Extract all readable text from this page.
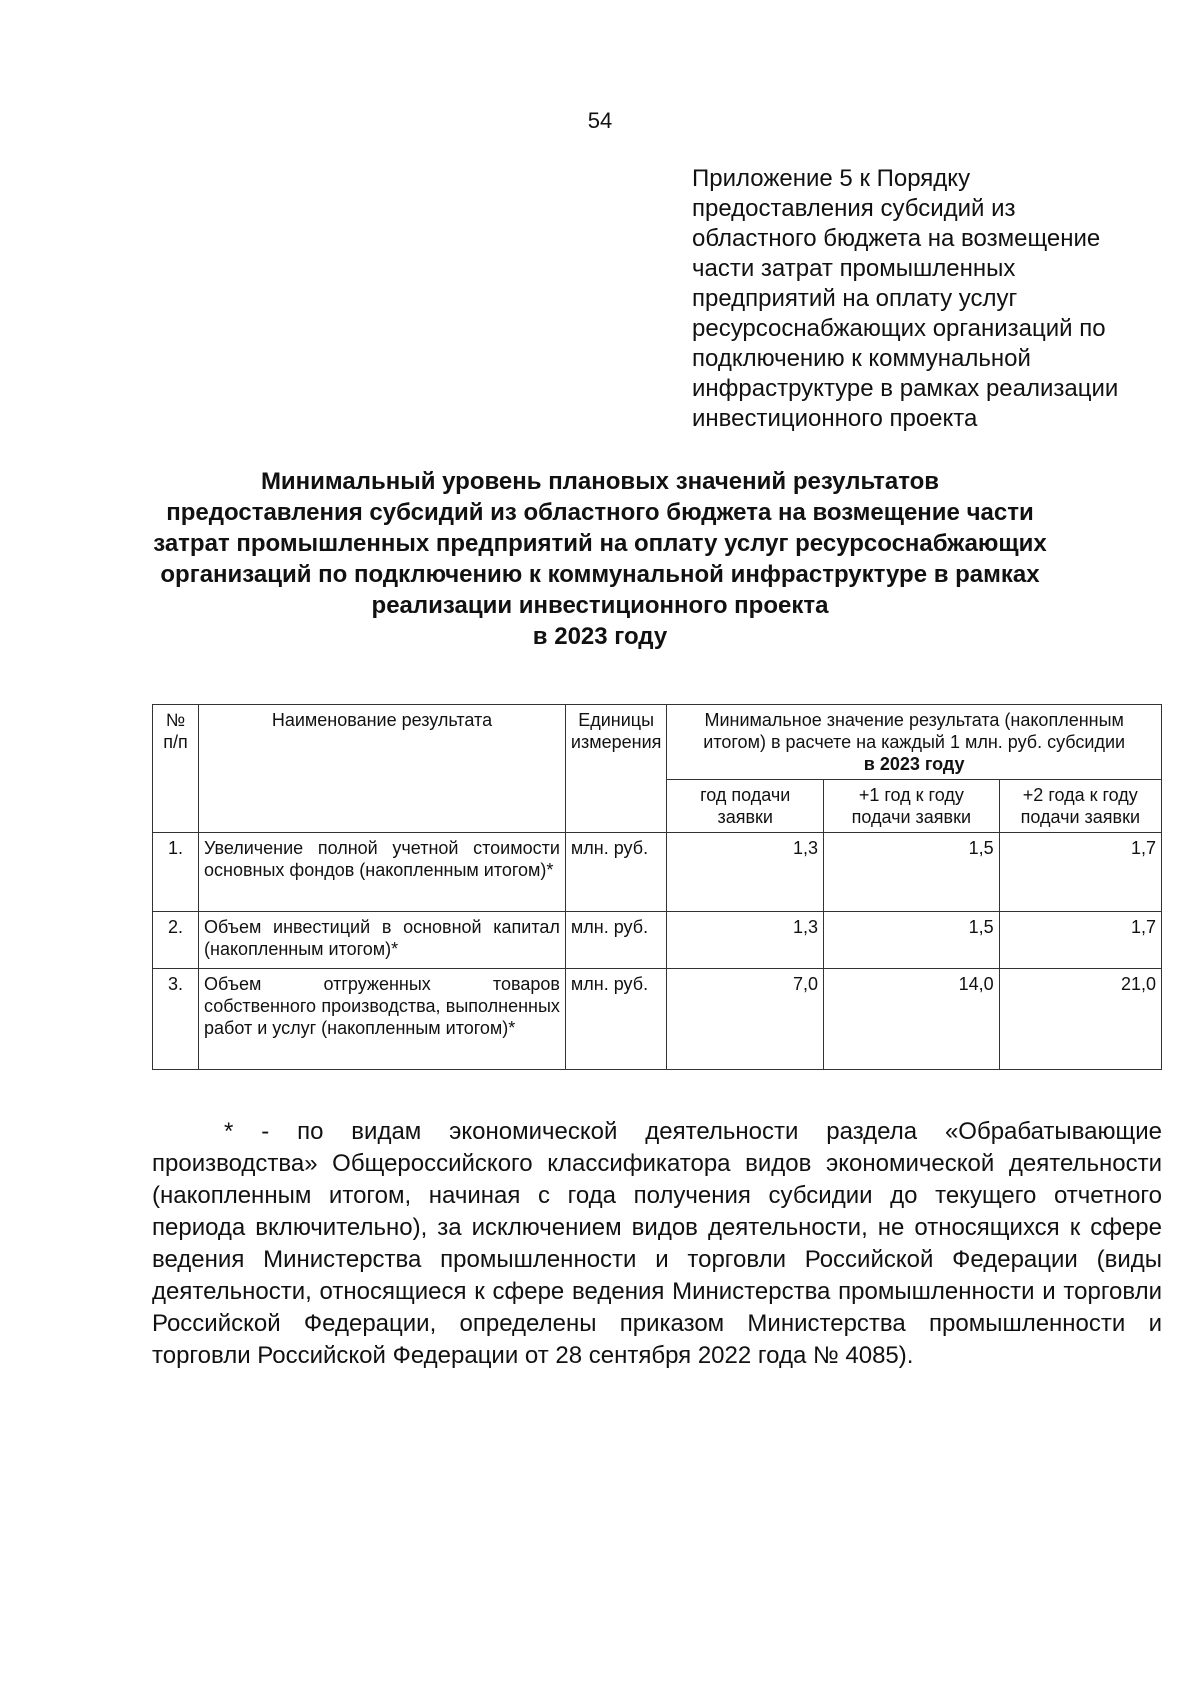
54
Приложение 5 к Порядку
предоставления субсидий из
областного бюджета на возмещение
части затрат промышленных
предприятий на оплату услуг
ресурсоснабжающих организаций по
подключению к коммунальной
инфраструктуре в рамках реализации
инвестиционного проекта
Минимальный уровень плановых значений результатов
предоставления субсидий из областного бюджета на возмещение части
затрат промышленных предприятий на оплату услуг ресурсоснабжающих
организаций по подключению к коммунальной инфраструктуре в рамках
реализации инвестиционного проекта
в 2023 году
№ п/п	Наименование результата	Единицы измерения	Минимальное значение результата (накопленным итогом) в расчете на каждый 1 млн. руб. субсидии
в 2023 году		
			год подачи заявки	+1 год к году подачи заявки	+2 года к году подачи заявки
1.	Увеличение полной учетной стоимости основных фондов (накопленным итогом)*	млн. руб.	1,3	1,5	1,7
2.	Объем инвестиций в основной капитал (накопленным итогом)*	млн. руб.	1,3	1,5	1,7
3.	Объем отгруженных товаров собственного производства, выполненных работ и услуг (накопленным итогом)*	млн. руб.	7,0	14,0	21,0
* - по видам экономической деятельности раздела «Обрабатывающие производства» Общероссийского классификатора видов экономической деятельности (накопленным итогом, начиная с года получения субсидии до текущего отчетного периода включительно), за исключением видов деятельности, не относящихся к сфере ведения Министерства промышленности и торговли Российской Федерации (виды деятельности, относящиеся к сфере ведения Министерства промышленности и торговли Российской Федерации, определены приказом Министерства промышленности и торговли Российской Федерации от 28 сентября 2022 года № 4085).
